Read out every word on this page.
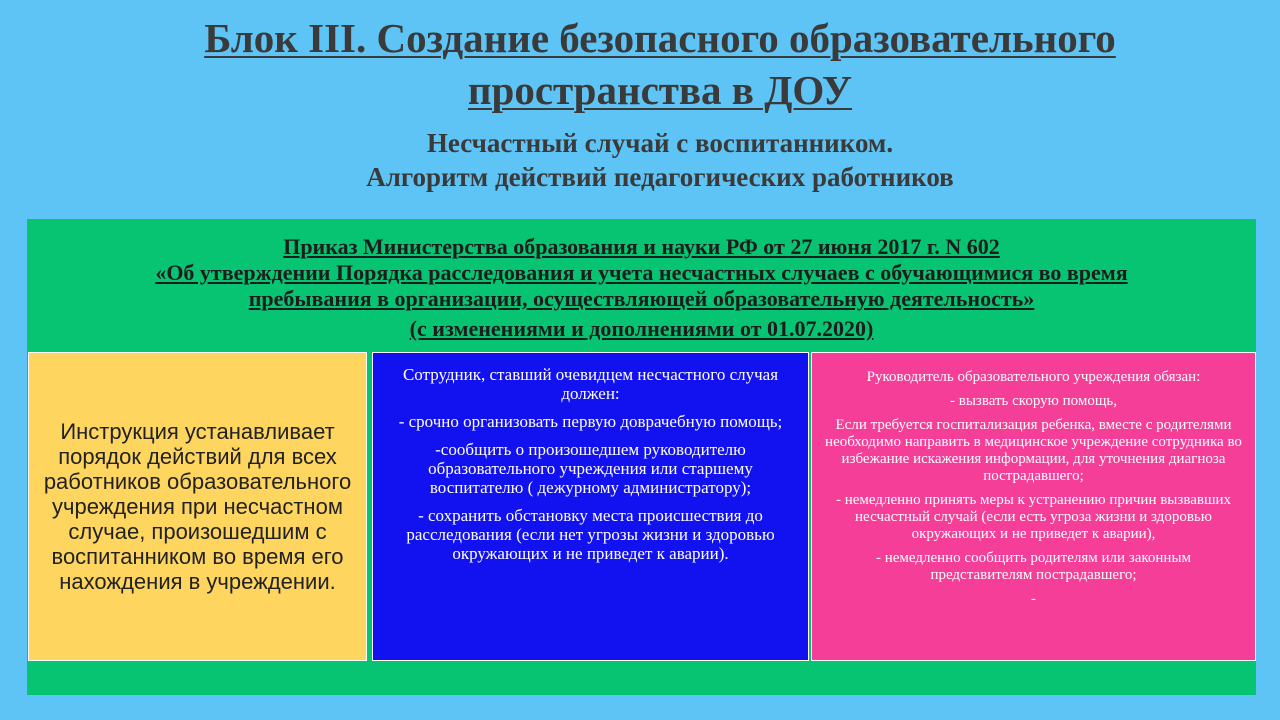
Блок III. Создание безопасного образовательного
пространства в ДОУ
Несчастный случай с воспитанником.
Алгоритм действий педагогических работников
Приказ Министерства образования и науки РФ от 27 июня 2017 г. N 602
«Об утверждении Порядка расследования и учета несчастных случаев с обучающимися во время
пребывания в организации, осуществляющей образовательную деятельность»
(с изменениями и дополнениями от 01.07.2020)
Инструкция устанавливает порядок действий для всех работников образовательного учреждения при несчастном случае, произошедшим с воспитанником во время его нахождения в учреждении.

Сотрудник, ставший очевидцем несчастного случая должен:

- срочно организовать первую доврачебную помощь;

-сообщить о произошедшем руководителю образовательного учреждения или старшему воспитателю ( дежурному администратору);

- сохранить обстановку места происшествия до расследования (если нет угрозы жизни и здоровью окружающих и не приведет к аварии).

Руководитель образовательного учреждения обязан:

- вызвать скорую помощь,

Если требуется госпитализация ребенка, вместе с родителями необходимо направить в медицинское учреждение сотрудника во избежание искажения информации, для уточнения диагноза пострадавшего;

- немедленно принять меры к устранению причин вызвавших несчастный случай (если есть угроза жизни и здоровью окружающих и не приведет к аварии),

- немедленно сообщить родителям или законным представителям пострадавшего;

-
